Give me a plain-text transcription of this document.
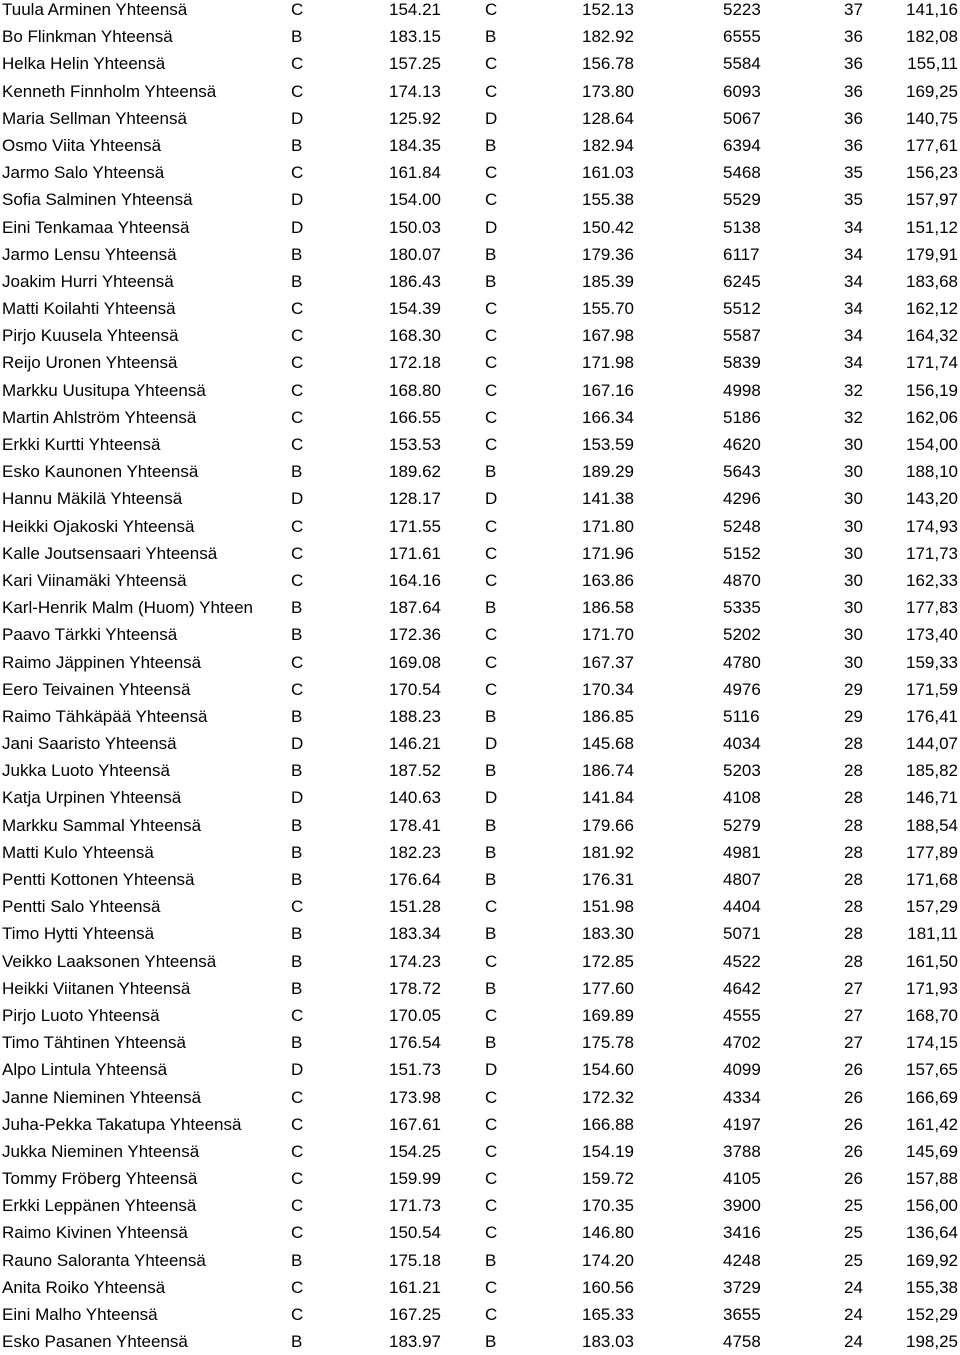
Tuula Arminen Yhteensä	C	154.21	C	152.13	5223	37	141,16
Bo Flinkman Yhteensä	B	183.15	B	182.92	6555	36	182,08
Helka Helin Yhteensä	C	157.25	C	156.78	5584	36	155,11
Kenneth Finnholm Yhteensä	C	174.13	C	173.80	6093	36	169,25
Maria Sellman Yhteensä	D	125.92	D	128.64	5067	36	140,75
Osmo Viita Yhteensä	B	184.35	B	182.94	6394	36	177,61
Jarmo Salo Yhteensä	C	161.84	C	161.03	5468	35	156,23
Sofia Salminen Yhteensä	D	154.00	C	155.38	5529	35	157,97
Eini Tenkamaa Yhteensä	D	150.03	D	150.42	5138	34	151,12
Jarmo Lensu Yhteensä	B	180.07	B	179.36	6117	34	179,91
Joakim Hurri Yhteensä	B	186.43	B	185.39	6245	34	183,68
Matti Koilahti Yhteensä	C	154.39	C	155.70	5512	34	162,12
Pirjo Kuusela Yhteensä	C	168.30	C	167.98	5587	34	164,32
Reijo Uronen Yhteensä	C	172.18	C	171.98	5839	34	171,74
Markku Uusitupa Yhteensä	C	168.80	C	167.16	4998	32	156,19
Martin Ahlström Yhteensä	C	166.55	C	166.34	5186	32	162,06
Erkki Kurtti Yhteensä	C	153.53	C	153.59	4620	30	154,00
Esko Kaunonen Yhteensä	B	189.62	B	189.29	5643	30	188,10
Hannu Mäkilä Yhteensä	D	128.17	D	141.38	4296	30	143,20
Heikki Ojakoski Yhteensä	C	171.55	C	171.80	5248	30	174,93
Kalle Joutsensaari Yhteensä	C	171.61	C	171.96	5152	30	171,73
Kari Viinamäki Yhteensä	C	164.16	C	163.86	4870	30	162,33
Karl-Henrik Malm (Huom) Yhteen	B	187.64	B	186.58	5335	30	177,83
Paavo Tärkki Yhteensä	B	172.36	C	171.70	5202	30	173,40
Raimo Jäppinen Yhteensä	C	169.08	C	167.37	4780	30	159,33
Eero Teivainen Yhteensä	C	170.54	C	170.34	4976	29	171,59
Raimo Tähkäpää Yhteensä	B	188.23	B	186.85	5116	29	176,41
Jani Saaristo Yhteensä	D	146.21	D	145.68	4034	28	144,07
Jukka Luoto Yhteensä	B	187.52	B	186.74	5203	28	185,82
Katja Urpinen Yhteensä	D	140.63	D	141.84	4108	28	146,71
Markku Sammal Yhteensä	B	178.41	B	179.66	5279	28	188,54
Matti Kulo Yhteensä	B	182.23	B	181.92	4981	28	177,89
Pentti Kottonen Yhteensä	B	176.64	B	176.31	4807	28	171,68
Pentti Salo Yhteensä	C	151.28	C	151.98	4404	28	157,29
Timo Hytti Yhteensä	B	183.34	B	183.30	5071	28	181,11
Veikko Laaksonen Yhteensä	B	174.23	C	172.85	4522	28	161,50
Heikki Viitanen Yhteensä	B	178.72	B	177.60	4642	27	171,93
Pirjo Luoto Yhteensä	C	170.05	C	169.89	4555	27	168,70
Timo Tähtinen Yhteensä	B	176.54	B	175.78	4702	27	174,15
Alpo Lintula Yhteensä	D	151.73	D	154.60	4099	26	157,65
Janne Nieminen Yhteensä	C	173.98	C	172.32	4334	26	166,69
Juha-Pekka Takatupa Yhteensä	C	167.61	C	166.88	4197	26	161,42
Jukka Nieminen Yhteensä	C	154.25	C	154.19	3788	26	145,69
Tommy Fröberg Yhteensä	C	159.99	C	159.72	4105	26	157,88
Erkki Leppänen Yhteensä	C	171.73	C	170.35	3900	25	156,00
Raimo Kivinen Yhteensä	C	150.54	C	146.80	3416	25	136,64
Rauno Saloranta Yhteensä	B	175.18	B	174.20	4248	25	169,92
Anita Roiko Yhteensä	C	161.21	C	160.56	3729	24	155,38
Eini Malho Yhteensä	C	167.25	C	165.33	3655	24	152,29
Esko Pasanen Yhteensä	B	183.97	B	183.03	4758	24	198,25
